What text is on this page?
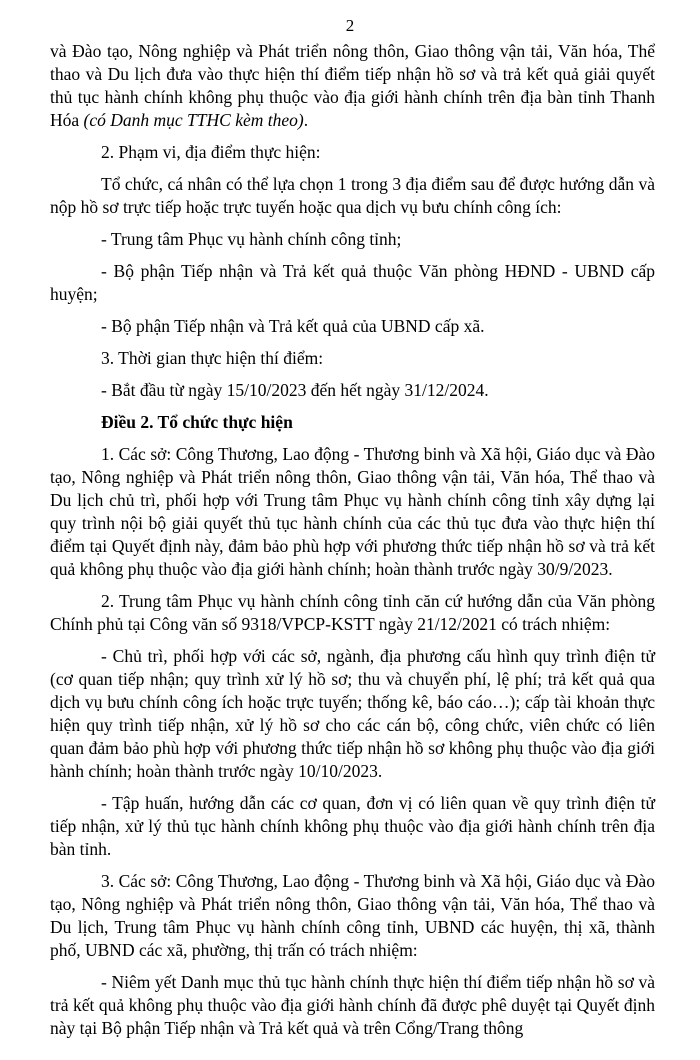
2

và Đào tạo, Nông nghiệp và Phát triển nông thôn, Giao thông vận tải, Văn hóa, Thể thao và Du lịch đưa vào thực hiện thí điểm tiếp nhận hồ sơ và trả kết quả giải quyết thủ tục hành chính không phụ thuộc vào địa giới hành chính trên địa bàn tỉnh Thanh Hóa (có Danh mục TTHC kèm theo).

2. Phạm vi, địa điểm thực hiện:

Tổ chức, cá nhân có thể lựa chọn 1 trong 3 địa điểm sau để được hướng dẫn và nộp hồ sơ trực tiếp hoặc trực tuyến hoặc qua dịch vụ bưu chính công ích:

- Trung tâm Phục vụ hành chính công tỉnh;

- Bộ phận Tiếp nhận và Trả kết quả thuộc Văn phòng HĐND - UBND cấp huyện;

- Bộ phận Tiếp nhận và Trả kết quả của UBND cấp xã.

3. Thời gian thực hiện thí điểm:

- Bắt đầu từ ngày 15/10/2023 đến hết ngày 31/12/2024.

Điều 2. Tổ chức thực hiện

1. Các sở: Công Thương, Lao động - Thương binh và Xã hội, Giáo dục và Đào tạo, Nông nghiệp và Phát triển nông thôn, Giao thông vận tải, Văn hóa, Thể thao và Du lịch chủ trì, phối hợp với Trung tâm Phục vụ hành chính công tỉnh xây dựng lại quy trình nội bộ giải quyết thủ tục hành chính của các thủ tục đưa vào thực hiện thí điểm tại Quyết định này, đảm bảo phù hợp với phương thức tiếp nhận hồ sơ và trả kết quả không phụ thuộc vào địa giới hành chính; hoàn thành trước ngày 30/9/2023.

2. Trung tâm Phục vụ hành chính công tỉnh căn cứ hướng dẫn của Văn phòng Chính phủ tại Công văn số 9318/VPCP-KSTT ngày 21/12/2021 có trách nhiệm:

- Chủ trì, phối hợp với các sở, ngành, địa phương cấu hình quy trình điện tử (cơ quan tiếp nhận; quy trình xử lý hồ sơ; thu và chuyển phí, lệ phí; trả kết quả qua dịch vụ bưu chính công ích hoặc trực tuyến; thống kê, báo cáo…); cấp tài khoản thực hiện quy trình tiếp nhận, xử lý hồ sơ cho các cán bộ, công chức, viên chức có liên quan đảm bảo phù hợp với phương thức tiếp nhận hồ sơ không phụ thuộc vào địa giới hành chính; hoàn thành trước ngày 10/10/2023.

- Tập huấn, hướng dẫn các cơ quan, đơn vị có liên quan về quy trình điện tử tiếp nhận, xử lý thủ tục hành chính không phụ thuộc vào địa giới hành chính trên địa bàn tỉnh.

3. Các sở: Công Thương, Lao động - Thương binh và Xã hội, Giáo dục và Đào tạo, Nông nghiệp và Phát triển nông thôn, Giao thông vận tải, Văn hóa, Thể thao và Du lịch, Trung tâm Phục vụ hành chính công tỉnh, UBND các huyện, thị xã, thành phố, UBND các xã, phường, thị trấn có trách nhiệm:

- Niêm yết Danh mục thủ tục hành chính thực hiện thí điểm tiếp nhận hồ sơ và trả kết quả không phụ thuộc vào địa giới hành chính đã được phê duyệt tại Quyết định này tại Bộ phận Tiếp nhận và Trả kết quả và trên Cổng/Trang thông
